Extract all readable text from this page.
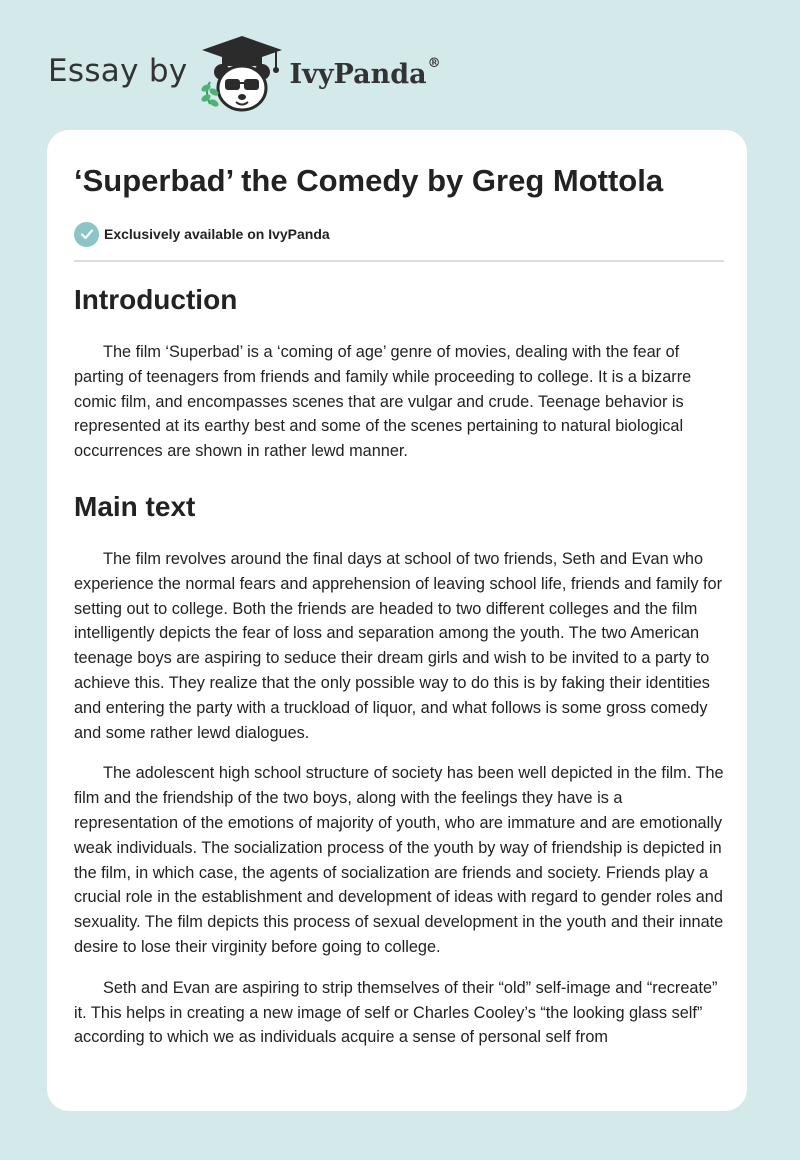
Essay by	IvyPanda®
‘Superbad’ the Comedy by Greg Mottola
Exclusively available on IvyPanda
Introduction

The film ‘Superbad’ is a ‘coming of age’ genre of movies, dealing with the fear of parting of teenagers from friends and family while proceeding to college. It is a bizarre comic film, and encompasses scenes that are vulgar and crude. Teenage behavior is represented at its earthy best and some of the scenes pertaining to natural biological occurrences are shown in rather lewd manner.

Main text

The film revolves around the final days at school of two friends, Seth and Evan who experience the normal fears and apprehension of leaving school life, friends and family for setting out to college. Both the friends are headed to two different colleges and the film intelligently depicts the fear of loss and separation among the youth. The two American teenage boys are aspiring to seduce their dream girls and wish to be invited to a party to achieve this. They realize that the only possible way to do this is by faking their identities and entering the party with a truckload of liquor, and what follows is some gross comedy and some rather lewd dialogues.

The adolescent high school structure of society has been well depicted in the film. The film and the friendship of the two boys, along with the feelings they have is a representation of the emotions of majority of youth, who are immature and are emotionally weak individuals. The socialization process of the youth by way of friendship is depicted in the film, in which case, the agents of socialization are friends and society. Friends play a crucial role in the establishment and development of ideas with regard to gender roles and sexuality. The film depicts this process of sexual development in the youth and their innate desire to lose their virginity before going to college.

Seth and Evan are aspiring to strip themselves of their “old” self-image and “recreate” it. This helps in creating a new image of self or Charles Cooley’s “the looking glass self” according to which we as individuals acquire a sense of personal self from
